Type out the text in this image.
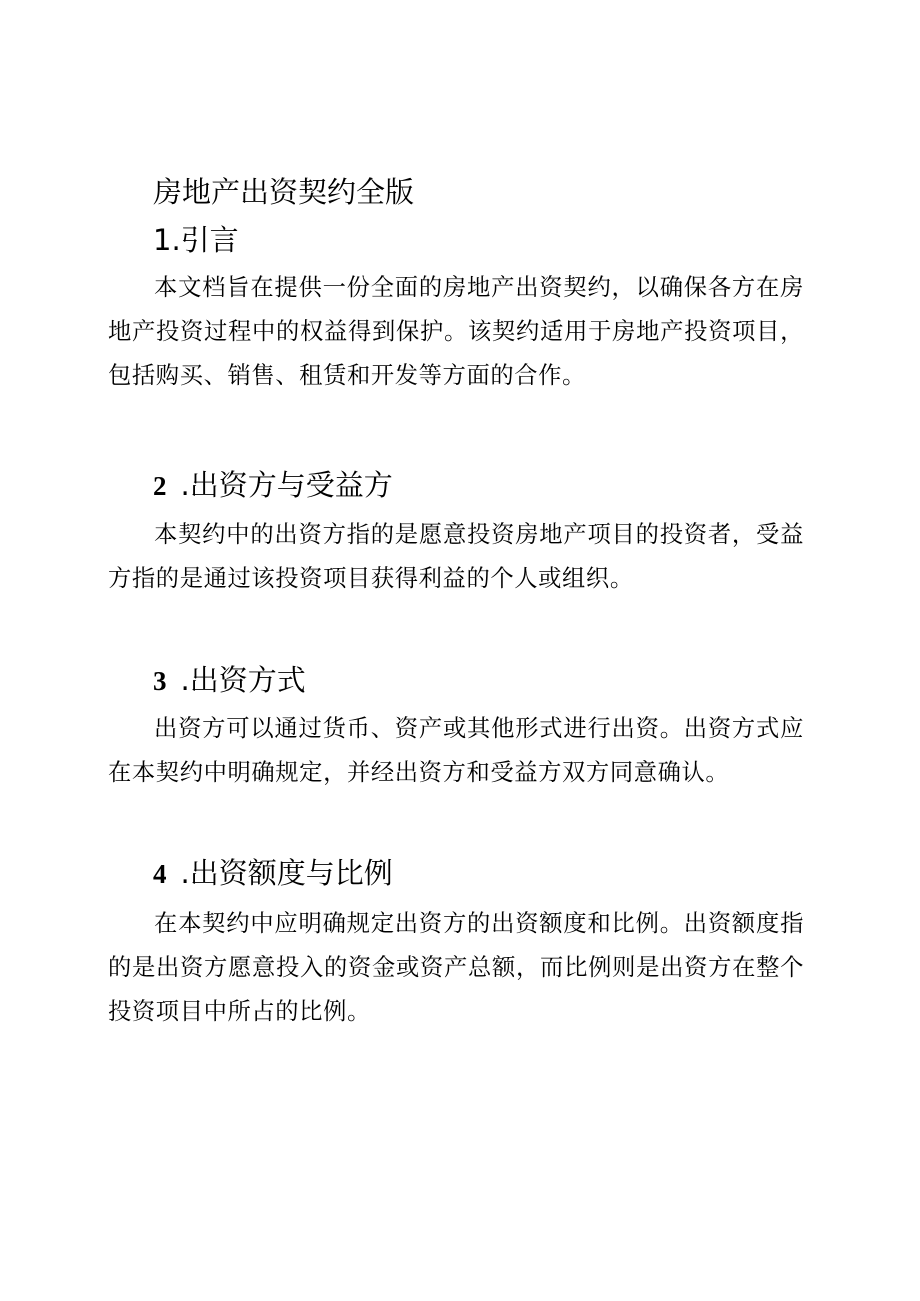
房地产出资契约全版
1.引言

本文档旨在提供一份全面的房地产出资契约，以确保各方在房地产投资过程中的权益得到保护。该契约适用于房地产投资项目，包括购买、销售、租赁和开发等方面的合作。

2 .出资方与受益方

本契约中的出资方指的是愿意投资房地产项目的投资者，受益方指的是通过该投资项目获得利益的个人或组织。

3 .出资方式

出资方可以通过货币、资产或其他形式进行出资。出资方式应在本契约中明确规定，并经出资方和受益方双方同意确认。

4 .出资额度与比例

在本契约中应明确规定出资方的出资额度和比例。出资额度指的是出资方愿意投入的资金或资产总额，而比例则是出资方在整个投资项目中所占的比例。
